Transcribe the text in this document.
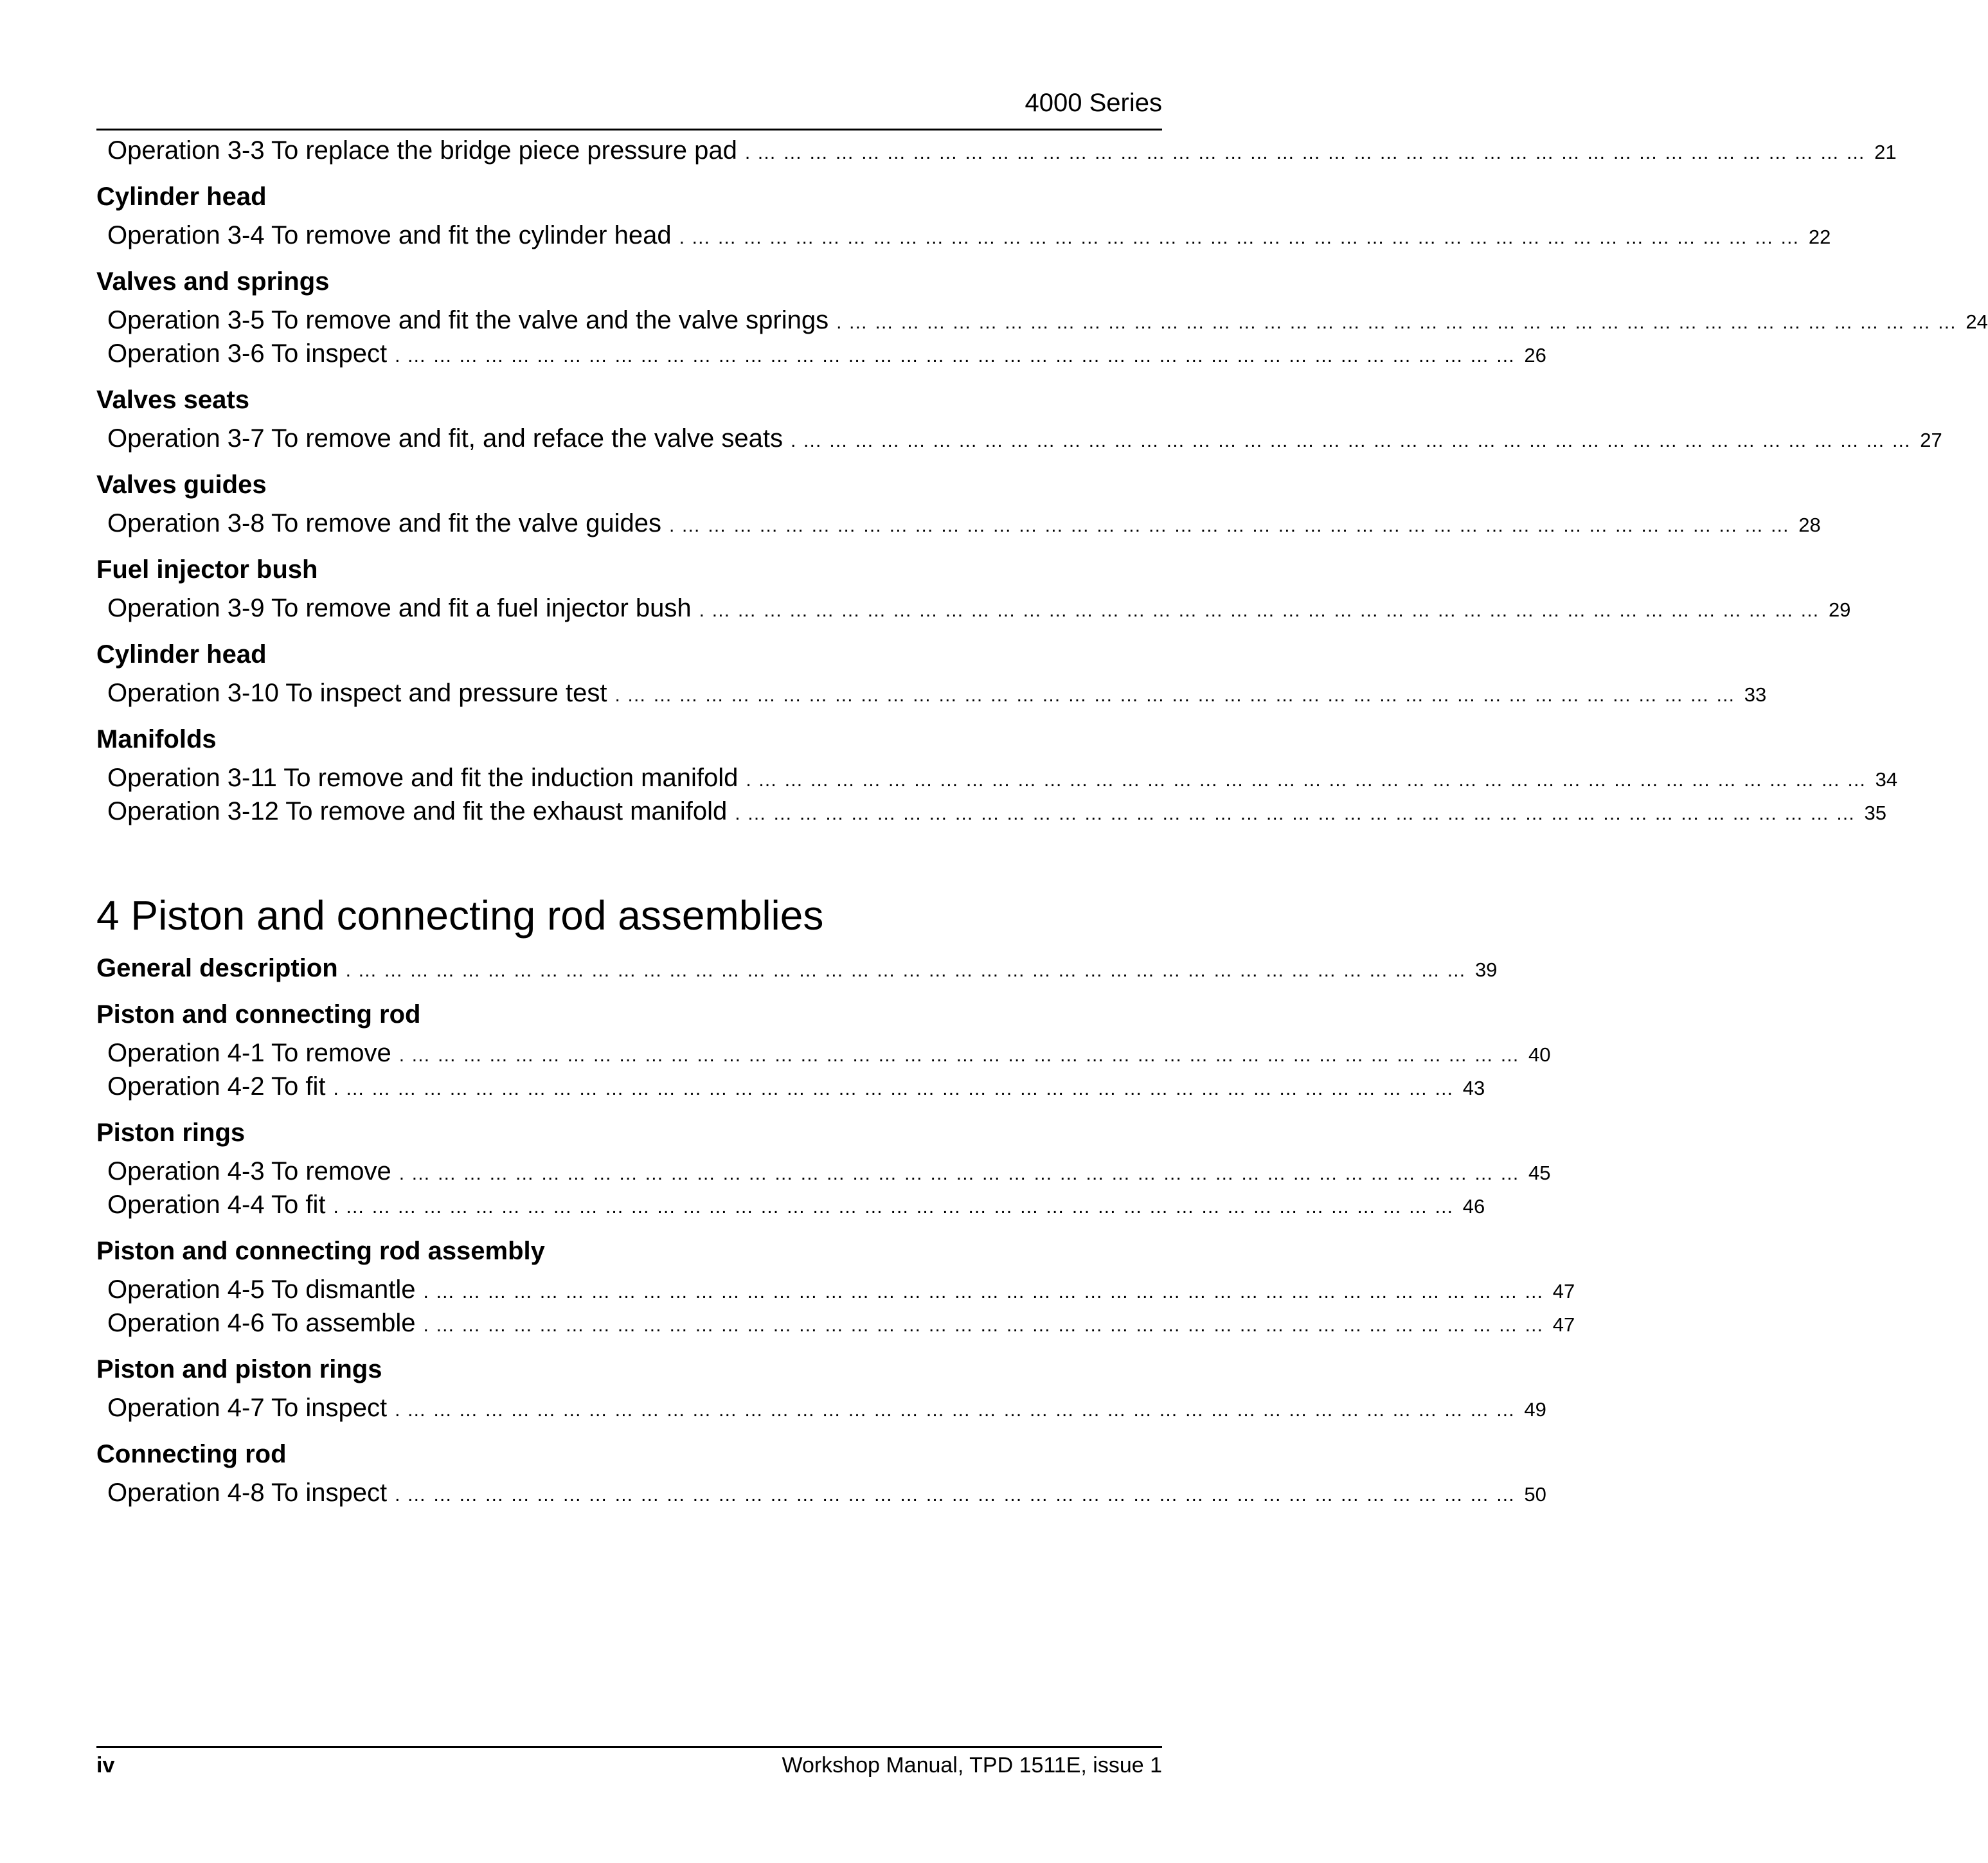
4000 Series
Operation 3-3 To replace the bridge piece pressure pad … … … … … … … … … … … … … … … … … … … … … … … … … … … … … … … … … … … … … … … … … … … . 21
Cylinder head
Operation 3-4 To remove and fit the cylinder head … … … … … … … … … … … … … … … … … … … … … … … … … … … … … … … … … … … … … … … … … … … . 22
Valves and springs
Operation 3-5 To remove and fit the valve and the valve springs … … … … … … … … … … … … … … … … … … … … … … … … … … … … … … … … … … … … … … … … … … … . 24
Operation 3-6 To inspect … … … … … … … … … … … … … … … … … … … … … … … … … … … … … … … … … … … … … … … … … … … . 26
Valves seats
Operation 3-7 To remove and fit, and reface the valve seats … … … … … … … … … … … … … … … … … … … … … … … … … … … … … … … … … … … … … … … … … … … . 27
Valves guides
Operation 3-8 To remove and fit the valve guides … … … … … … … … … … … … … … … … … … … … … … … … … … … … … … … … … … … … … … … … … … … . 28
Fuel injector bush
Operation 3-9 To remove and fit a fuel injector bush … … … … … … … … … … … … … … … … … … … … … … … … … … … … … … … … … … … … … … … … … … … . 29
Cylinder head
Operation 3-10 To inspect and pressure test … … … … … … … … … … … … … … … … … … … … … … … … … … … … … … … … … … … … … … … … … … … . 33
Manifolds
Operation 3-11 To remove and fit the induction manifold … … … … … … … … … … … … … … … … … … … … … … … … … … … … … … … … … … … … … … … … … … … . 34
Operation 3-12 To remove and fit the exhaust manifold … … … … … … … … … … … … … … … … … … … … … … … … … … … … … … … … … … … … … … … … … … … . 35
4 Piston and connecting rod assemblies
General description … … … … … … … … … … … … … … … … … … … … … … … … … … … … … … … … … … … … … … … … … … … . 39
Piston and connecting rod
Operation 4-1 To remove … … … … … … … … … … … … … … … … … … … … … … … … … … … … … … … … … … … … … … … … … … … . 40
Operation 4-2 To fit … … … … … … … … … … … … … … … … … … … … … … … … … … … … … … … … … … … … … … … … … … … . 43
Piston rings
Operation 4-3 To remove … … … … … … … … … … … … … … … … … … … … … … … … … … … … … … … … … … … … … … … … … … … . 45
Operation 4-4 To fit … … … … … … … … … … … … … … … … … … … … … … … … … … … … … … … … … … … … … … … … … … … . 46
Piston and connecting rod assembly
Operation 4-5 To dismantle … … … … … … … … … … … … … … … … … … … … … … … … … … … … … … … … … … … … … … … … … … … . 47
Operation 4-6 To assemble … … … … … … … … … … … … … … … … … … … … … … … … … … … … … … … … … … … … … … … … … … … . 47
Piston and piston rings
Operation 4-7 To inspect … … … … … … … … … … … … … … … … … … … … … … … … … … … … … … … … … … … … … … … … … … … . 49
Connecting rod
Operation 4-8 To inspect … … … … … … … … … … … … … … … … … … … … … … … … … … … … … … … … … … … … … … … … … … … . 50
iv	Workshop Manual, TPD 1511E, issue 1
